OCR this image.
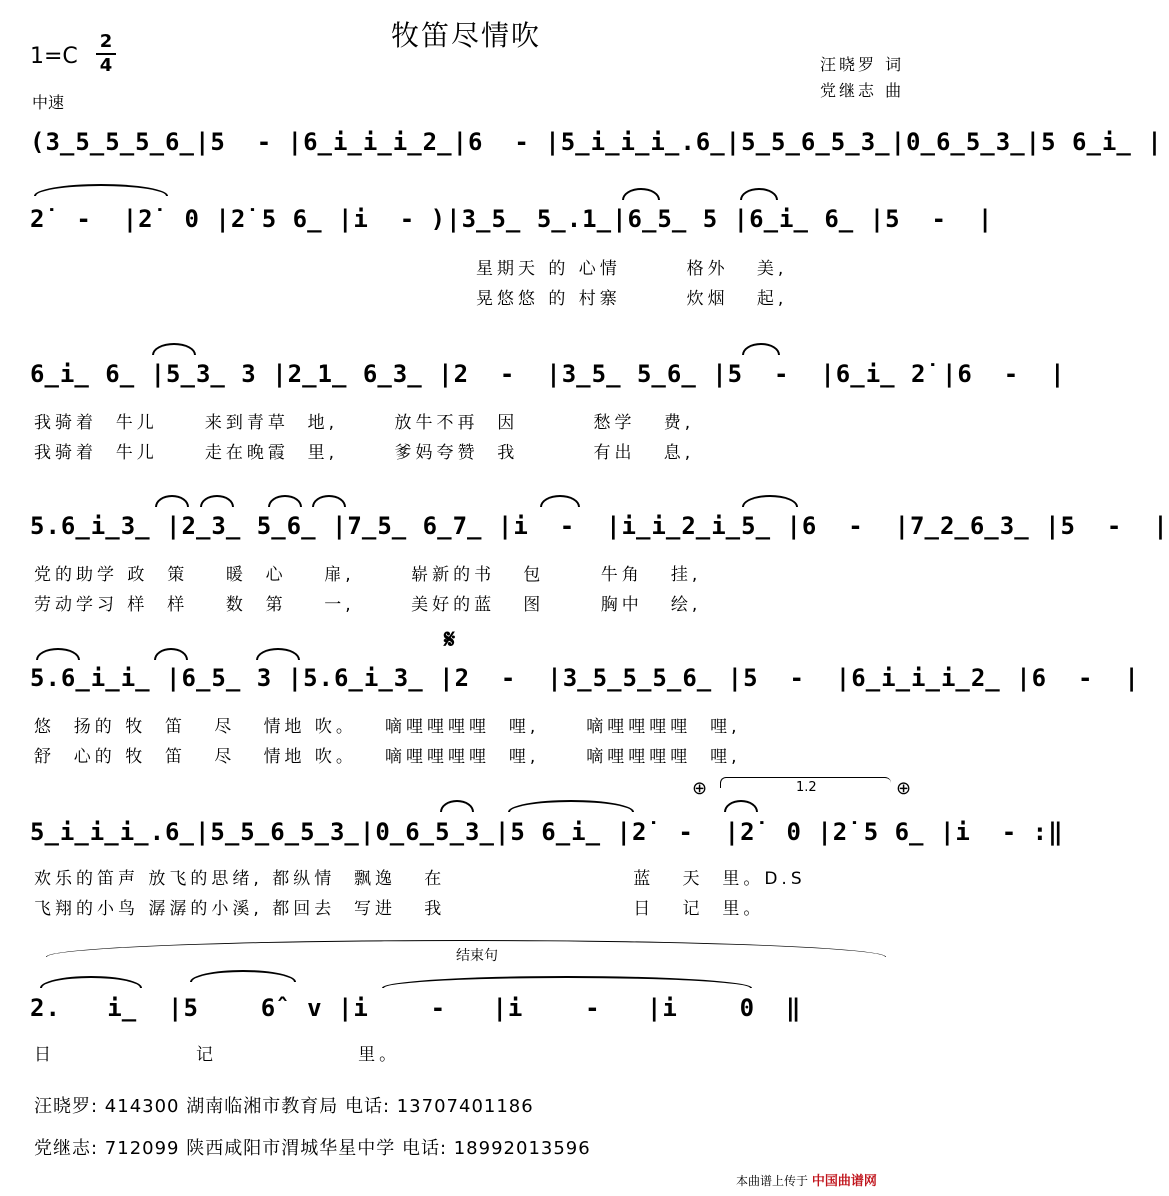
牧笛尽情吹
1=C
2
4
中速
汪晓罗 词
党继志 曲
(3̲5̲5̲5̲6̲|5  - |6̲i̲i̲i̲2̲|6  - |5̲i̲i̲i̲.6̲|5̲5̲6̲5̲3̲|0̲6̲5̲3̲|5 6̲i̲ |
2̇  -  |2̇  0 |2̇ 5 6̲ |i  - )|3̲5̲ 5̲.1̲|6̲5̲ 5 |6̲i̲ 6̲ |5  -  |
星期天 的 心情       格外   美,
晃悠悠 的 村寨       炊烟   起,
6̲i̲ 6̲ |5̲3̲ 3 |2̲1̲ 6̲3̲ |2  -  |3̲5̲ 5̲6̲ |5  -  |6̲i̲ 2̇ |6  -  |
我骑着  牛儿     来到青草  地,      放牛不再  因        愁学   费,
我骑着  牛儿     走在晚霞  里,      爹妈夸赞  我        有出   息,
5.6̲i̲3̲ |2̲3̲ 5̲6̲ |7̲5̲ 6̲7̲ |i  -  |i̲i̲2̲i̲5̲ |6  -  |7̲2̲6̲3̲ |5  -  |
党的助学 政  策    暖  心    扉,      崭新的书   包      牛角   挂,
劳动学习 样  样    数  第    一,      美好的蓝   图      胸中   绘,
𝄋
5.6̲i̲i̲ |6̲5̲ 3 |5.6̲i̲3̲ |2  -  |3̲5̲5̲5̲6̲ |5  -  |6̲i̲i̲i̲2̲ |6  -  |
悠  扬的 牧  笛   尽   情地 吹。   嘀哩哩哩哩  哩,     嘀哩哩哩哩  哩,
舒  心的 牧  笛   尽   情地 吹。   嘀哩哩哩哩  哩,     嘀哩哩哩哩  哩,
⊕	1.2	⊕
5̲i̲i̲i̲.6̲|5̲5̲6̲5̲3̲|0̲6̲5̲3̲|5 6̲i̲ |2̇  -  |2̇  0 |2̇ 5 6̲ |i  - :‖
欢乐的笛声 放飞的思绪, 都纵情  飘逸   在                    蓝   天  里。D.S
飞翔的小鸟 潺潺的小溪, 都回去  写进   我                    日   记  里。
结束句
2.   i̲  |5    6̂  v |i    -   |i    -   |i    0  ‖
日               记               里。
汪晓罗: 414300 湖南临湘市教育局 电话: 13707401186
党继志: 712099 陕西咸阳市渭城华星中学 电话: 18992013596
本曲谱上传于 中国曲谱网
